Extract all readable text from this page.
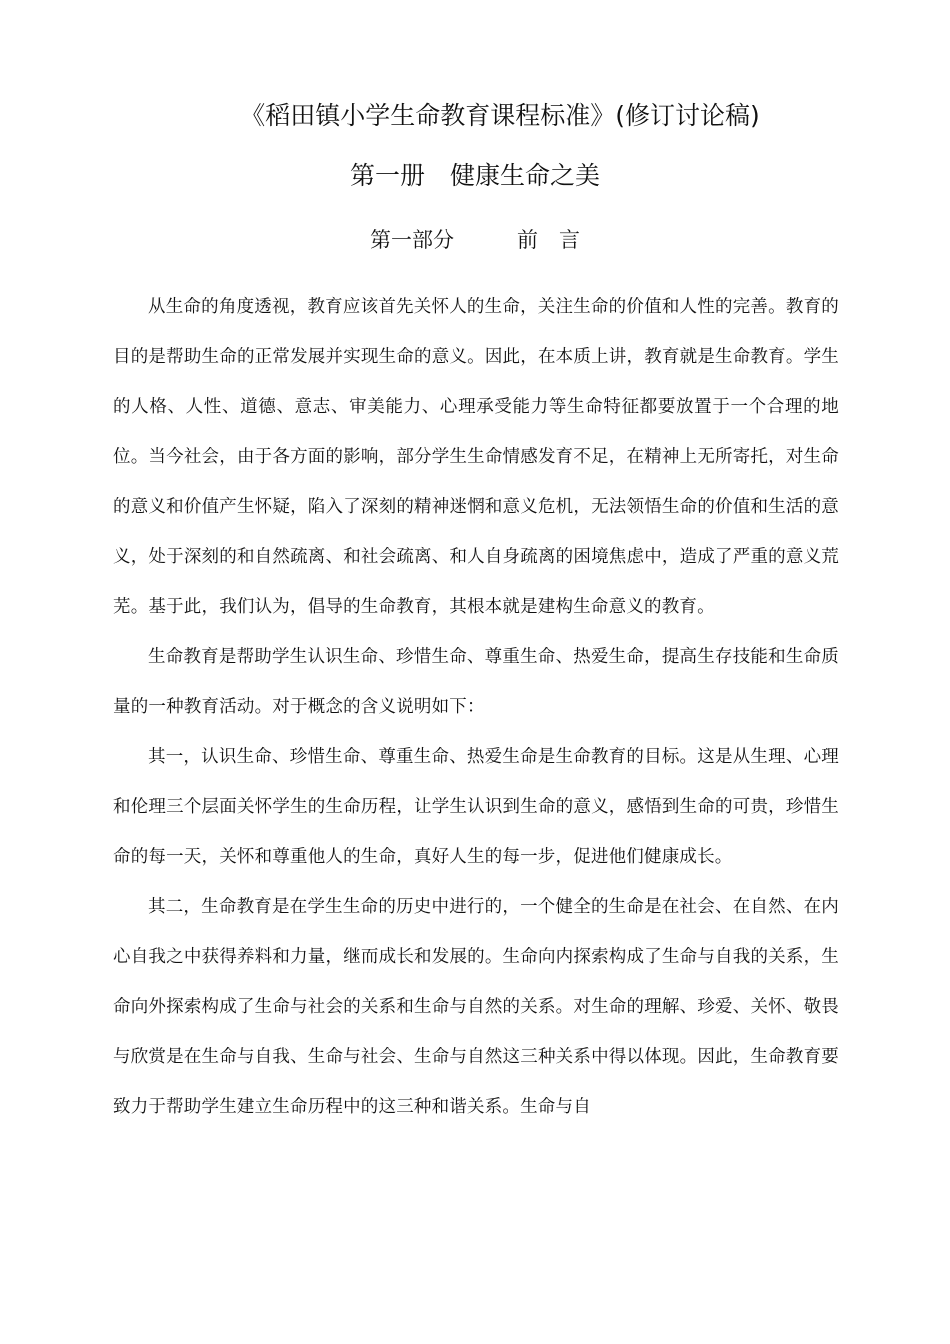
《稻田镇小学生命教育课程标准》(修订讨论稿)
第一册　健康生命之美
第一部分　　　前　言

从生命的角度透视，教育应该首先关怀人的生命，关注生命的价值和人性的完善。教育的目的是帮助生命的正常发展并实现生命的意义。因此，在本质上讲，教育就是生命教育。学生的人格、人性、道德、意志、审美能力、心理承受能力等生命特征都要放置于一个合理的地位。当今社会，由于各方面的影响，部分学生生命情感发育不足，在精神上无所寄托，对生命的意义和价值产生怀疑，陷入了深刻的精神迷惘和意义危机，无法领悟生命的价值和生活的意义，处于深刻的和自然疏离、和社会疏离、和人自身疏离的困境焦虑中，造成了严重的意义荒芜。基于此，我们认为，倡导的生命教育，其根本就是建构生命意义的教育。

生命教育是帮助学生认识生命、珍惜生命、尊重生命、热爱生命，提高生存技能和生命质量的一种教育活动。对于概念的含义说明如下：

其一，认识生命、珍惜生命、尊重生命、热爱生命是生命教育的目标。这是从生理、心理和伦理三个层面关怀学生的生命历程，让学生认识到生命的意义，感悟到生命的可贵，珍惜生命的每一天，关怀和尊重他人的生命，真好人生的每一步，促进他们健康成长。

其二，生命教育是在学生生命的历史中进行的，一个健全的生命是在社会、在自然、在内心自我之中获得养料和力量，继而成长和发展的。生命向内探索构成了生命与自我的关系，生命向外探索构成了生命与社会的关系和生命与自然的关系。对生命的理解、珍爱、关怀、敬畏与欣赏是在生命与自我、生命与社会、生命与自然这三种关系中得以体现。因此，生命教育要致力于帮助学生建立生命历程中的这三种和谐关系。生命与自
